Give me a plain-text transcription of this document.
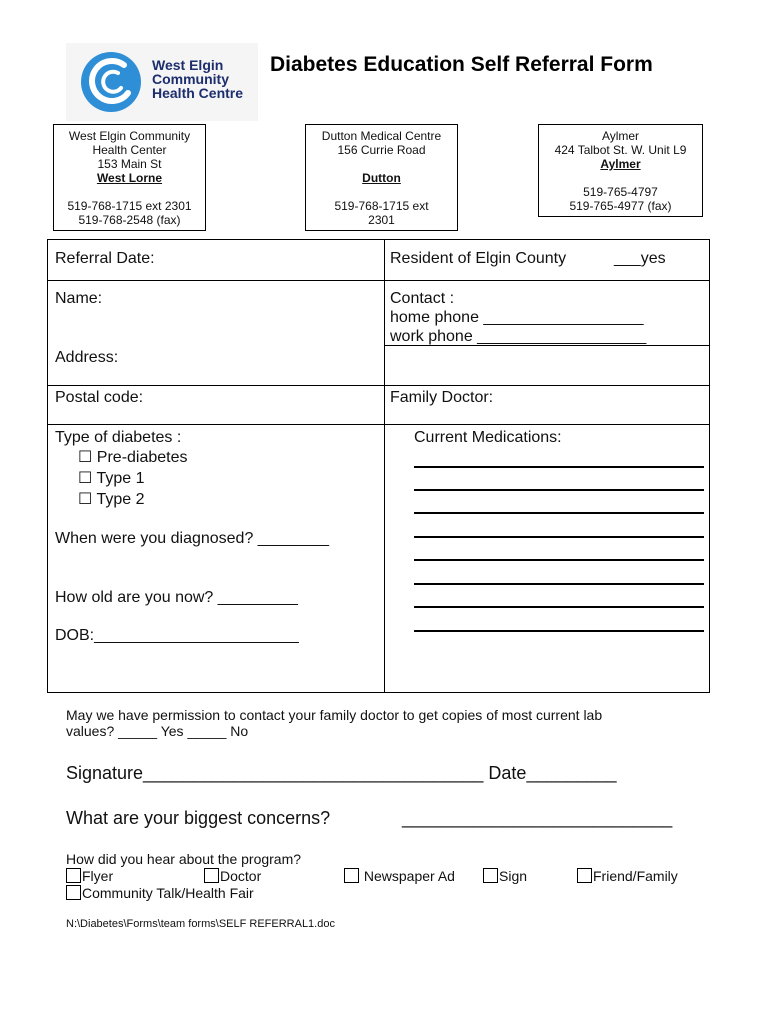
West Elgin
Community
Health Centre
Diabetes Education Self Referral Form
West Elgin Community
Health Center
153 Main St
West Lorne
519-768-1715 ext 2301
519-768-2548 (fax)
Dutton Medical Centre
156 Currie Road
Dutton
519-768-1715 ext
2301
Aylmer
424 Talbot St. W. Unit L9
Aylmer
519-765-4797
519-765-4977 (fax)
Referral Date:	Resident of Elgin County	___yes
Name:	Contact :
home phone __________________
work phone ___________________
Address:
Postal code:	Family Doctor:
Type of diabetes :
☐ Pre-diabetes
☐ Type 1
☐ Type 2
When were you diagnosed? ________
How old are you now? _________
DOB:_______________________
Current Medications:
May we have permission to contact your family doctor to get copies of most current lab
values? _____ Yes _____ No
Signature__________________________________ Date_________
What are your biggest concerns?	___________________________
How did you hear about the program?
Flyer	Doctor	Newspaper Ad	Sign	Friend/Family
Community Talk/Health Fair
N:\Diabetes\Forms\team forms\SELF REFERRAL1.doc
